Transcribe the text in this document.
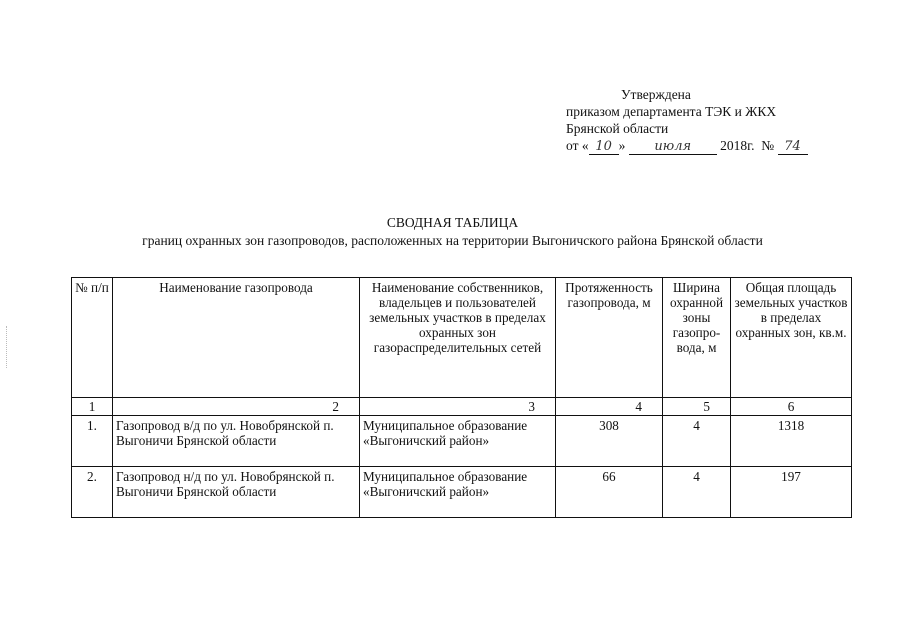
Утверждена
приказом департамента ТЭК и ЖКХ
Брянской области
от « 10 » июля 2018г. № 74
СВОДНАЯ ТАБЛИЦА
границ охранных зон газопроводов, расположенных на территории Выгоничского района Брянской области
№ п/п	Наименование газопровода	Наименование собственников, владельцев и пользователей земельных участков в пределах охранных зон газораспределительных сетей	Протяженность газопровода, м	Ширина охранной зоны газопро-вода, м	Общая площадь земельных участков в пределах охранных зон, кв.м.
1	2	3	4	5	6
1.	Газопровод в/д по ул. Новобрянской п. Выгоничи Брянской области	Муниципальное образование «Выгоничский район»	308	4	1318
2.	Газопровод н/д по ул. Новобрянской п. Выгоничи Брянской области	Муниципальное образование «Выгоничский район»	66	4	197
